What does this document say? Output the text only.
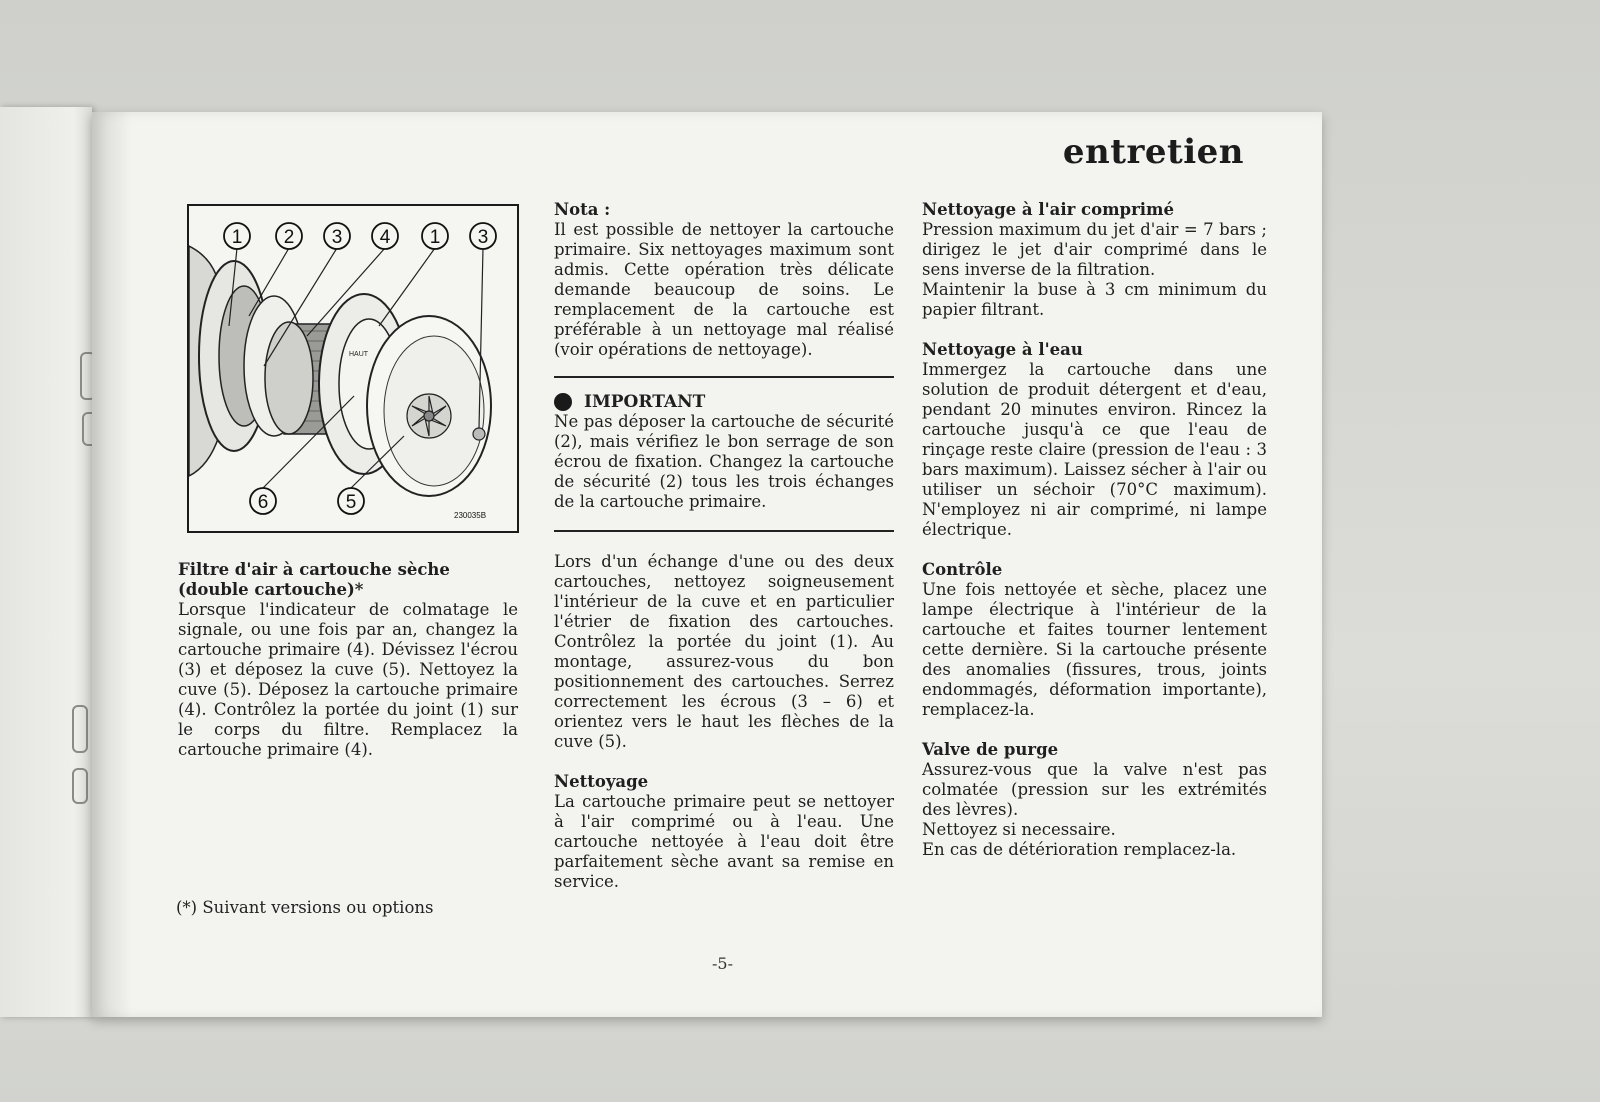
entretien
HAUT
1 2 3 4 1 3
6	5
230035B

Filtre d'air à cartouche sèche (double cartouche)*

Lorsque l'indicateur de colmatage le signale, ou une fois par an, changez la cartouche primaire (4). Dévissez l'écrou (3) et déposez la cuve (5). Nettoyez la cuve (5). Déposez la cartouche primaire (4). Contrôlez la portée du joint (1) sur le corps du filtre. Remplacez la cartouche primaire (4).

Nota :

Il est possible de nettoyer la cartouche primaire. Six nettoyages maximum sont admis. Cette opération très délicate demande beaucoup de soins. Le remplacement de la cartouche est préférable à un nettoyage mal réalisé (voir opérations de nettoyage).

IMPORTANT

Ne pas déposer la cartouche de sécurité (2), mais vérifiez le bon serrage de son écrou de fixation. Changez la cartouche de sécurité (2) tous les trois échanges de la cartouche primaire.

Lors d'un échange d'une ou des deux cartouches, nettoyez soigneusement l'intérieur de la cuve et en particulier l'étrier de fixation des cartouches. Contrôlez la portée du joint (1). Au montage, assurez-vous du bon positionnement des cartouches. Serrez correctement les écrous (3 – 6) et orientez vers le haut les flèches de la cuve (5).

Nettoyage

La cartouche primaire peut se nettoyer à l'air comprimé ou à l'eau. Une cartouche nettoyée à l'eau doit être parfaitement sèche avant sa remise en service.

Nettoyage à l'air comprimé

Pression maximum du jet d'air = 7 bars ; dirigez le jet d'air comprimé dans le sens inverse de la filtration.

Maintenir la buse à 3 cm minimum du papier filtrant.

Nettoyage à l'eau

Immergez la cartouche dans une solution de produit détergent et d'eau, pendant 20 minutes environ. Rincez la cartouche jusqu'à ce que l'eau de rinçage reste claire (pression de l'eau : 3 bars maximum). Laissez sécher à l'air ou utiliser un séchoir (70°C maximum). N'employez ni air comprimé, ni lampe électrique.

Contrôle

Une fois nettoyée et sèche, placez une lampe électrique à l'intérieur de la cartouche et faites tourner lentement cette dernière. Si la cartouche présente des anomalies (fissures, trous, joints endommagés, déformation importante), remplacez-la.

Valve de purge

Assurez-vous que la valve n'est pas colmatée (pression sur les extrémités des lèvres).

Nettoyez si necessaire.

En cas de détérioration remplacez-la.

(*) Suivant versions ou options
-5-
